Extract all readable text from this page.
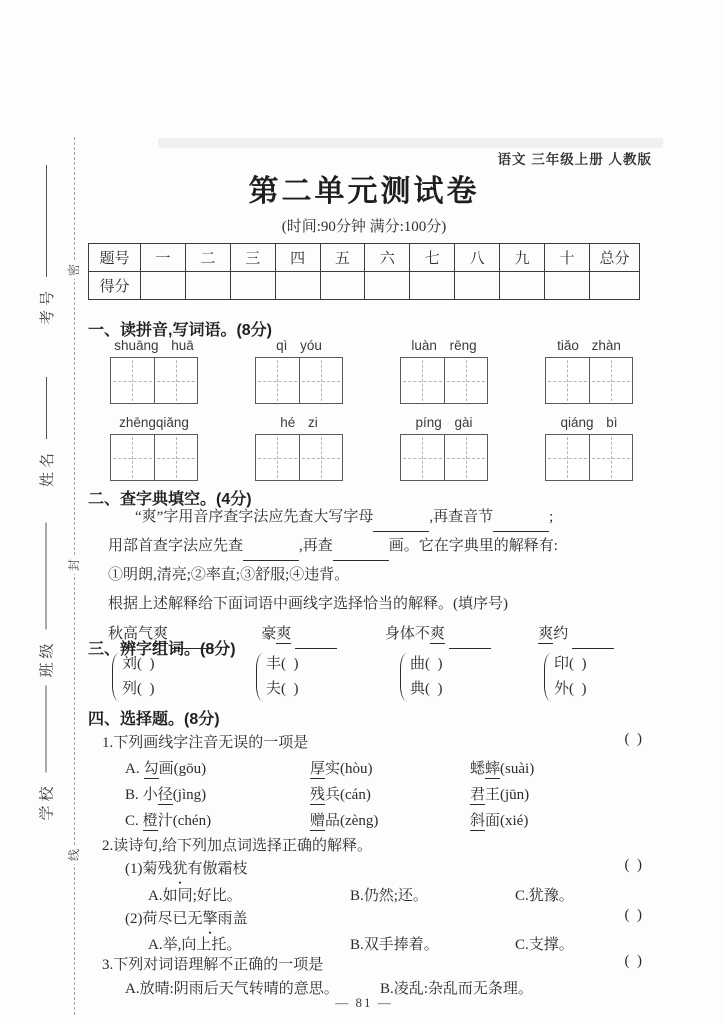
考号
姓名
班级
学校
密
封
线
语文 三年级上册 人教版
第二单元测试卷
(时间:90分钟 满分:100分)
题号	一	二	三	四	五	六	七	八	九	十	总分
得分											
一、读拼音,写词语。(8分)
shuāng huā	qì yóu	luàn rēng	tiǎo zhàn
zhēngqiǎng	hé zi	píng gài	qiáng bì
二、查字典填空。(4分)
“爽”字用音序查字法应先查大写字母	,再查音节	;
用部首查字法应先查	,再查	画。它在字典里的解释有:
①明朗,清亮;②率直;③舒服;④违背。
根据上述解释给下面词语中画线字选择恰当的解释。(填序号)
秋高气爽 	豪爽 	身体不爽 	爽约 
三、辨字组词。(8分)
刘(  )
列(  )
丰(  )
夫(  )
曲(  )
典(  )
印(  )
外(  )
四、选择题。(8分)
1.下列画线字注音无误的一项是	(  )
A. 勾画(gōu)	厚实(hòu)	蟋蟀(suài)
B. 小径(jìng)	残兵(cán)	君王(jūn)
C. 橙汁(chén)	赠品(zèng)	斜面(xié)
2.读诗句,给下列加点词选择正确的解释。
(1)菊残犹有傲霜枝	(  )
A.如同;好比。	B.仍然;还。	C.犹豫。
(2)荷尽已无擎雨盖	(  )
A.举,向上托。	B.双手捧着。	C.支撑。
3.下列对词语理解不正确的一项是	(  )
A.放晴:阴雨后天气转晴的意思。	B.凌乱:杂乱而无条理。
— 81 —
